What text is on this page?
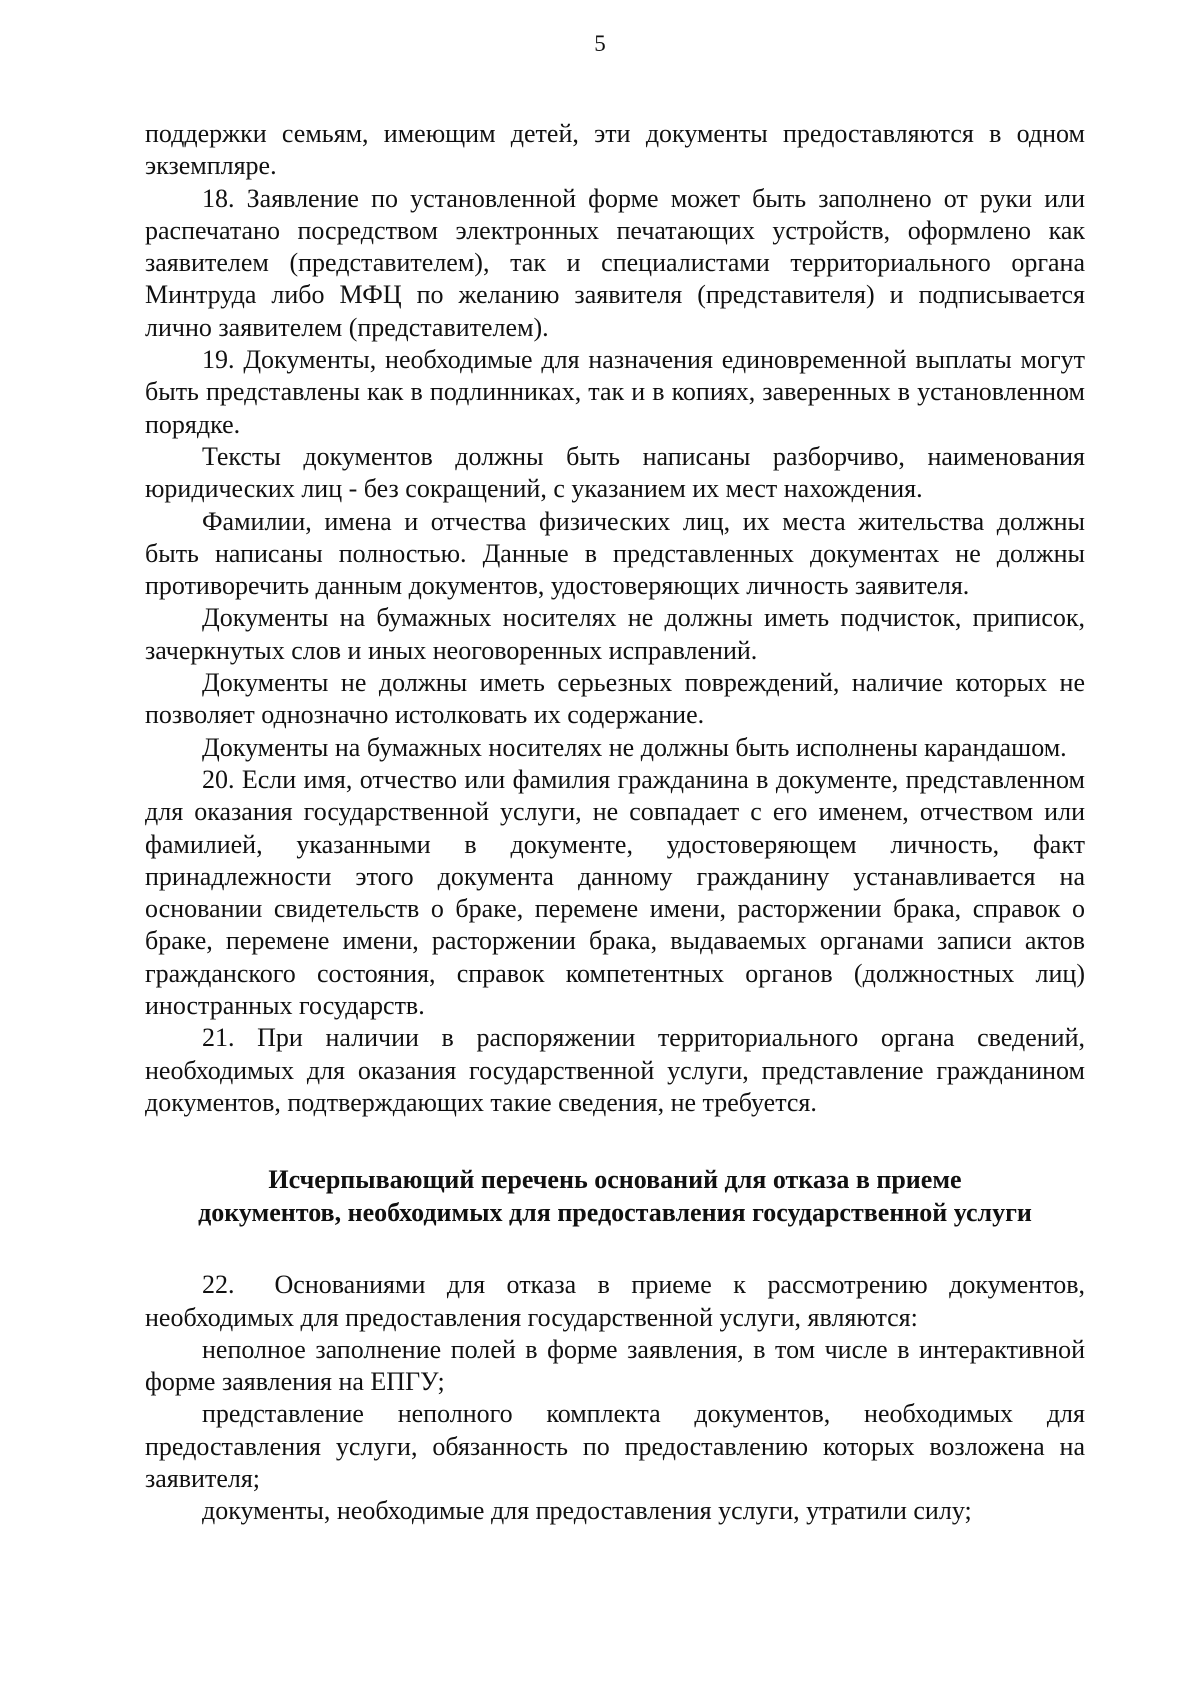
5

поддержки семьям, имеющим детей, эти документы предоставляются в одном экземпляре.

18. Заявление по установленной форме может быть заполнено от руки или распечатано посредством электронных печатающих устройств, оформлено как заявителем (представителем), так и специалистами территориального органа Минтруда либо МФЦ по желанию заявителя (представителя) и подписывается лично заявителем (представителем).

19. Документы, необходимые для назначения единовременной выплаты могут быть представлены как в подлинниках, так и в копиях, заверенных в установленном порядке.

Тексты документов должны быть написаны разборчиво, наименования юридических лиц - без сокращений, с указанием их мест нахождения.

Фамилии, имена и отчества физических лиц, их места жительства должны быть написаны полностью. Данные в представленных документах не должны противоречить данным документов, удостоверяющих личность заявителя.

Документы на бумажных носителях не должны иметь подчисток, приписок, зачеркнутых слов и иных неоговоренных исправлений.

Документы не должны иметь серьезных повреждений, наличие которых не позволяет однозначно истолковать их содержание.

Документы на бумажных носителях не должны быть исполнены карандашом.

20. Если имя, отчество или фамилия гражданина в документе, представленном для оказания государственной услуги, не совпадает с его именем, отчеством или фамилией, указанными в документе, удостоверяющем личность, факт принадлежности этого документа данному гражданину устанавливается на основании свидетельств о браке, перемене имени, расторжении брака, справок о браке, перемене имени, расторжении брака, выдаваемых органами записи актов гражданского состояния, справок компетентных органов (должностных лиц) иностранных государств.

21. При наличии в распоряжении территориального органа сведений, необходимых для оказания государственной услуги, представление гражданином документов, подтверждающих такие сведения, не требуется.

Исчерпывающий перечень оснований для отказа в приеме
документов, необходимых для предоставления государственной услуги

22. Основаниями для отказа в приеме к рассмотрению документов, необходимых для предоставления государственной услуги, являются:

неполное заполнение полей в форме заявления, в том числе в интерактивной форме заявления на ЕПГУ;

представление неполного комплекта документов, необходимых для предоставления услуги, обязанность по предоставлению которых возложена на заявителя;

документы, необходимые для предоставления услуги, утратили силу;
